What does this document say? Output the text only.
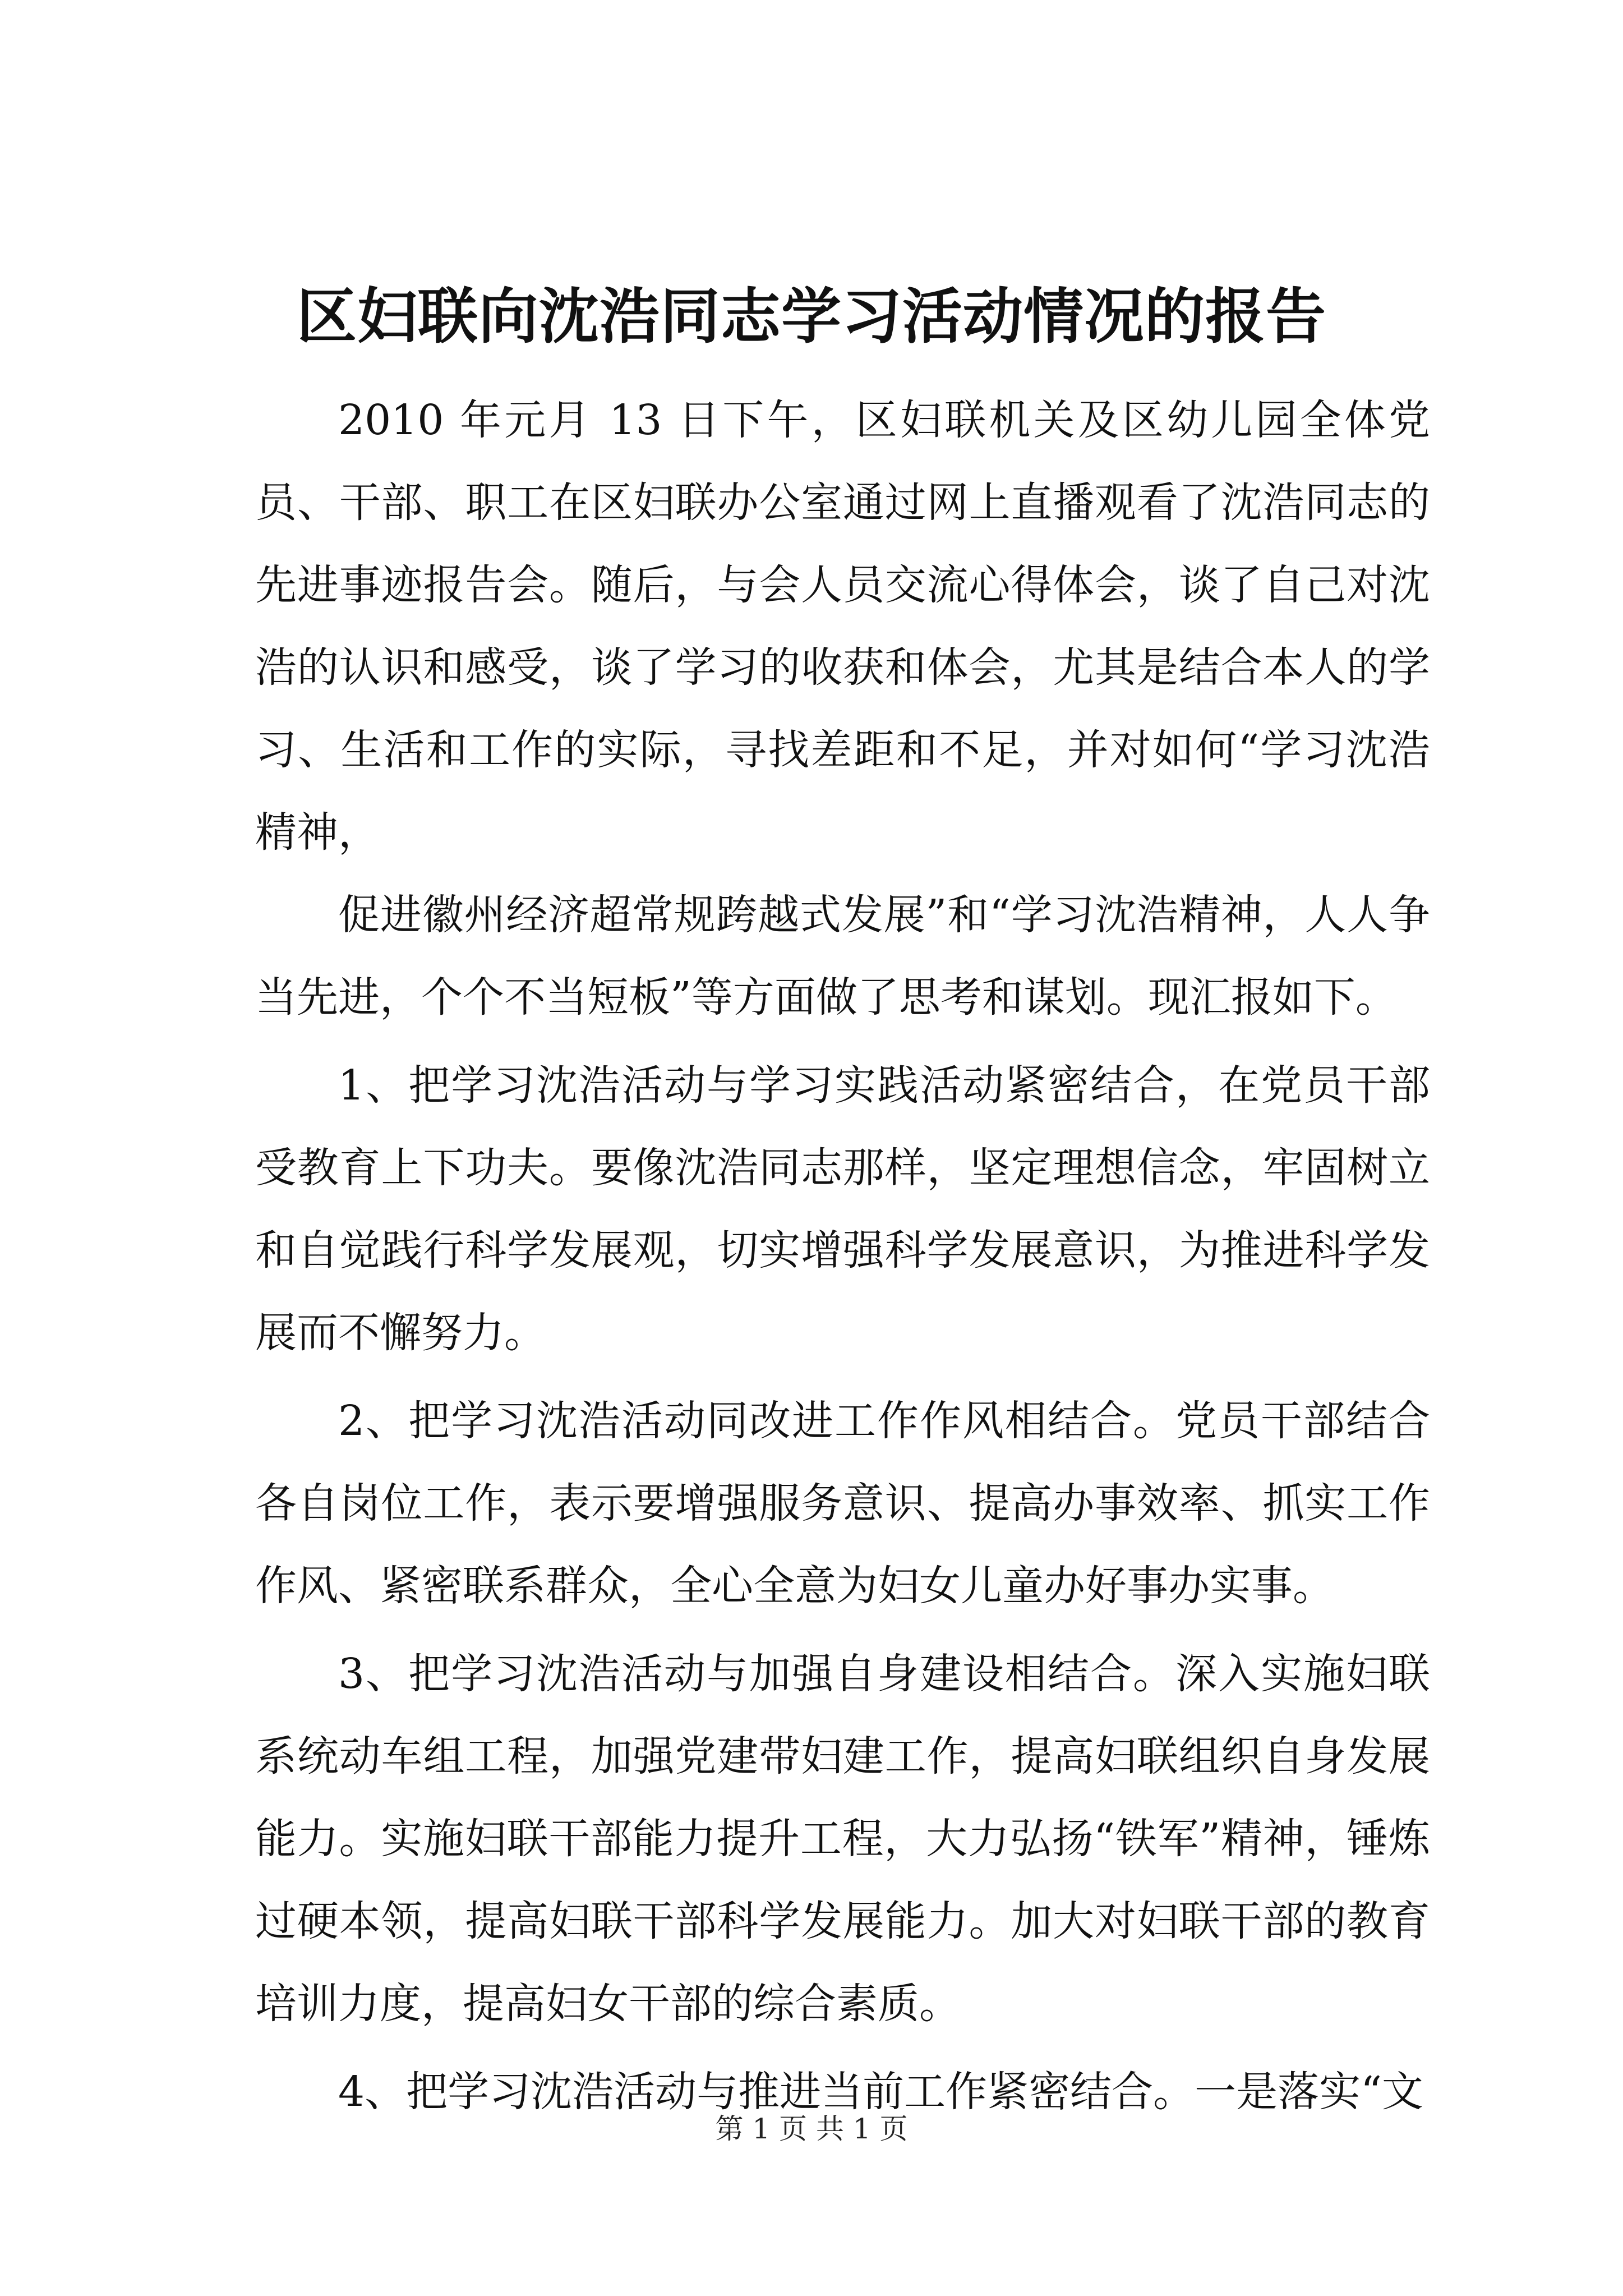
区妇联向沈浩同志学习活动情况的报告

2010 年元月 13 日下午，区妇联机关及区幼儿园全体党员、干部、职工在区妇联办公室通过网上直播观看了沈浩同志的先进事迹报告会。随后，与会人员交流心得体会，谈了自己对沈浩的认识和感受，谈了学习的收获和体会，尤其是结合本人的学习、生活和工作的实际，寻找差距和不足，并对如何“学习沈浩精神，

促进徽州经济超常规跨越式发展”和“学习沈浩精神，人人争当先进，个个不当短板”等方面做了思考和谋划。现汇报如下。

1、把学习沈浩活动与学习实践活动紧密结合，在党员干部受教育上下功夫。要像沈浩同志那样，坚定理想信念，牢固树立和自觉践行科学发展观，切实增强科学发展意识，为推进科学发展而不懈努力。

2、把学习沈浩活动同改进工作作风相结合。党员干部结合各自岗位工作，表示要增强服务意识、提高办事效率、抓实工作作风、紧密联系群众，全心全意为妇女儿童办好事办实事。

3、把学习沈浩活动与加强自身建设相结合。深入实施妇联系统动车组工程，加强党建带妇建工作，提高妇联组织自身发展能力。实施妇联干部能力提升工程，大力弘扬“铁军”精神，锤炼过硬本领，提高妇联干部科学发展能力。加大对妇联干部的教育培训力度，提高妇女干部的综合素质。

4、把学习沈浩活动与推进当前工作紧密结合。一是落实“文

第 1 页 共 1 页
